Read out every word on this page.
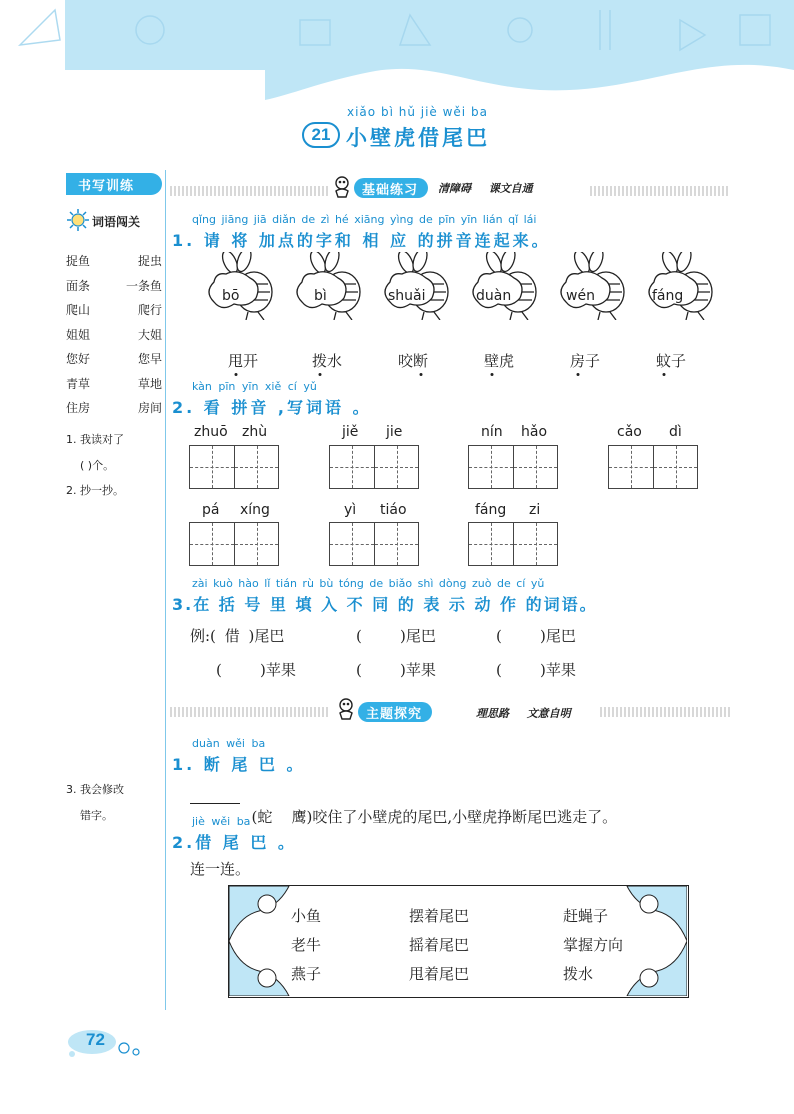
xiǎo bì hǔ jiè wěi ba
21 小壁虎借尾巴
书写训练
词语闯关
捉鱼	捉虫
面条	一条鱼
爬山	爬行
姐姐	大姐
您好	您早
青草	草地
住房	房间
1. 我读对了
( )个。
2. 抄一抄。
3. 我会修改
错字。
基础练习 清障碍 课文自通
qǐng jiāng jiā diǎn de zì hé xiāng yìng de pīn yīn lián qǐ lái
1. 请 将 加点的字和 相 应 的拼音连起来。
bō	bì	shuǎi	duàn	wén	fáng
甩开	拨水	咬断	壁虎	房子	蚊子
kàn pīn yīn xiě cí yǔ
2. 看 拼音 ,写词语 。
zhuō zhù	jiě jie	nín hǎo	cǎo dì
pá xíng	yì tiáo	fáng zi
zài kuò hào lǐ tián rù bù tóng de biǎo shì dòng zuò de cí yǔ
3.在 括 号 里 填 入 不 同 的 表 示 动 作 的词语。
例:( 借 )尾巴	(        )尾巴	(        )尾巴
(        )苹果	(        )苹果	(        )苹果
主题探究	理思路 文意自明
duàn wěi ba
1. 断 尾 巴 。

(蛇    鹰)咬住了小壁虎的尾巴,小壁虎挣断尾巴逃走了。

jiè wěi ba
2.借 尾 巴 。
连一连。
小鱼
老牛
燕子
摆着尾巴
摇着尾巴
甩着尾巴
赶蝇子
掌握方向
拨水
72
